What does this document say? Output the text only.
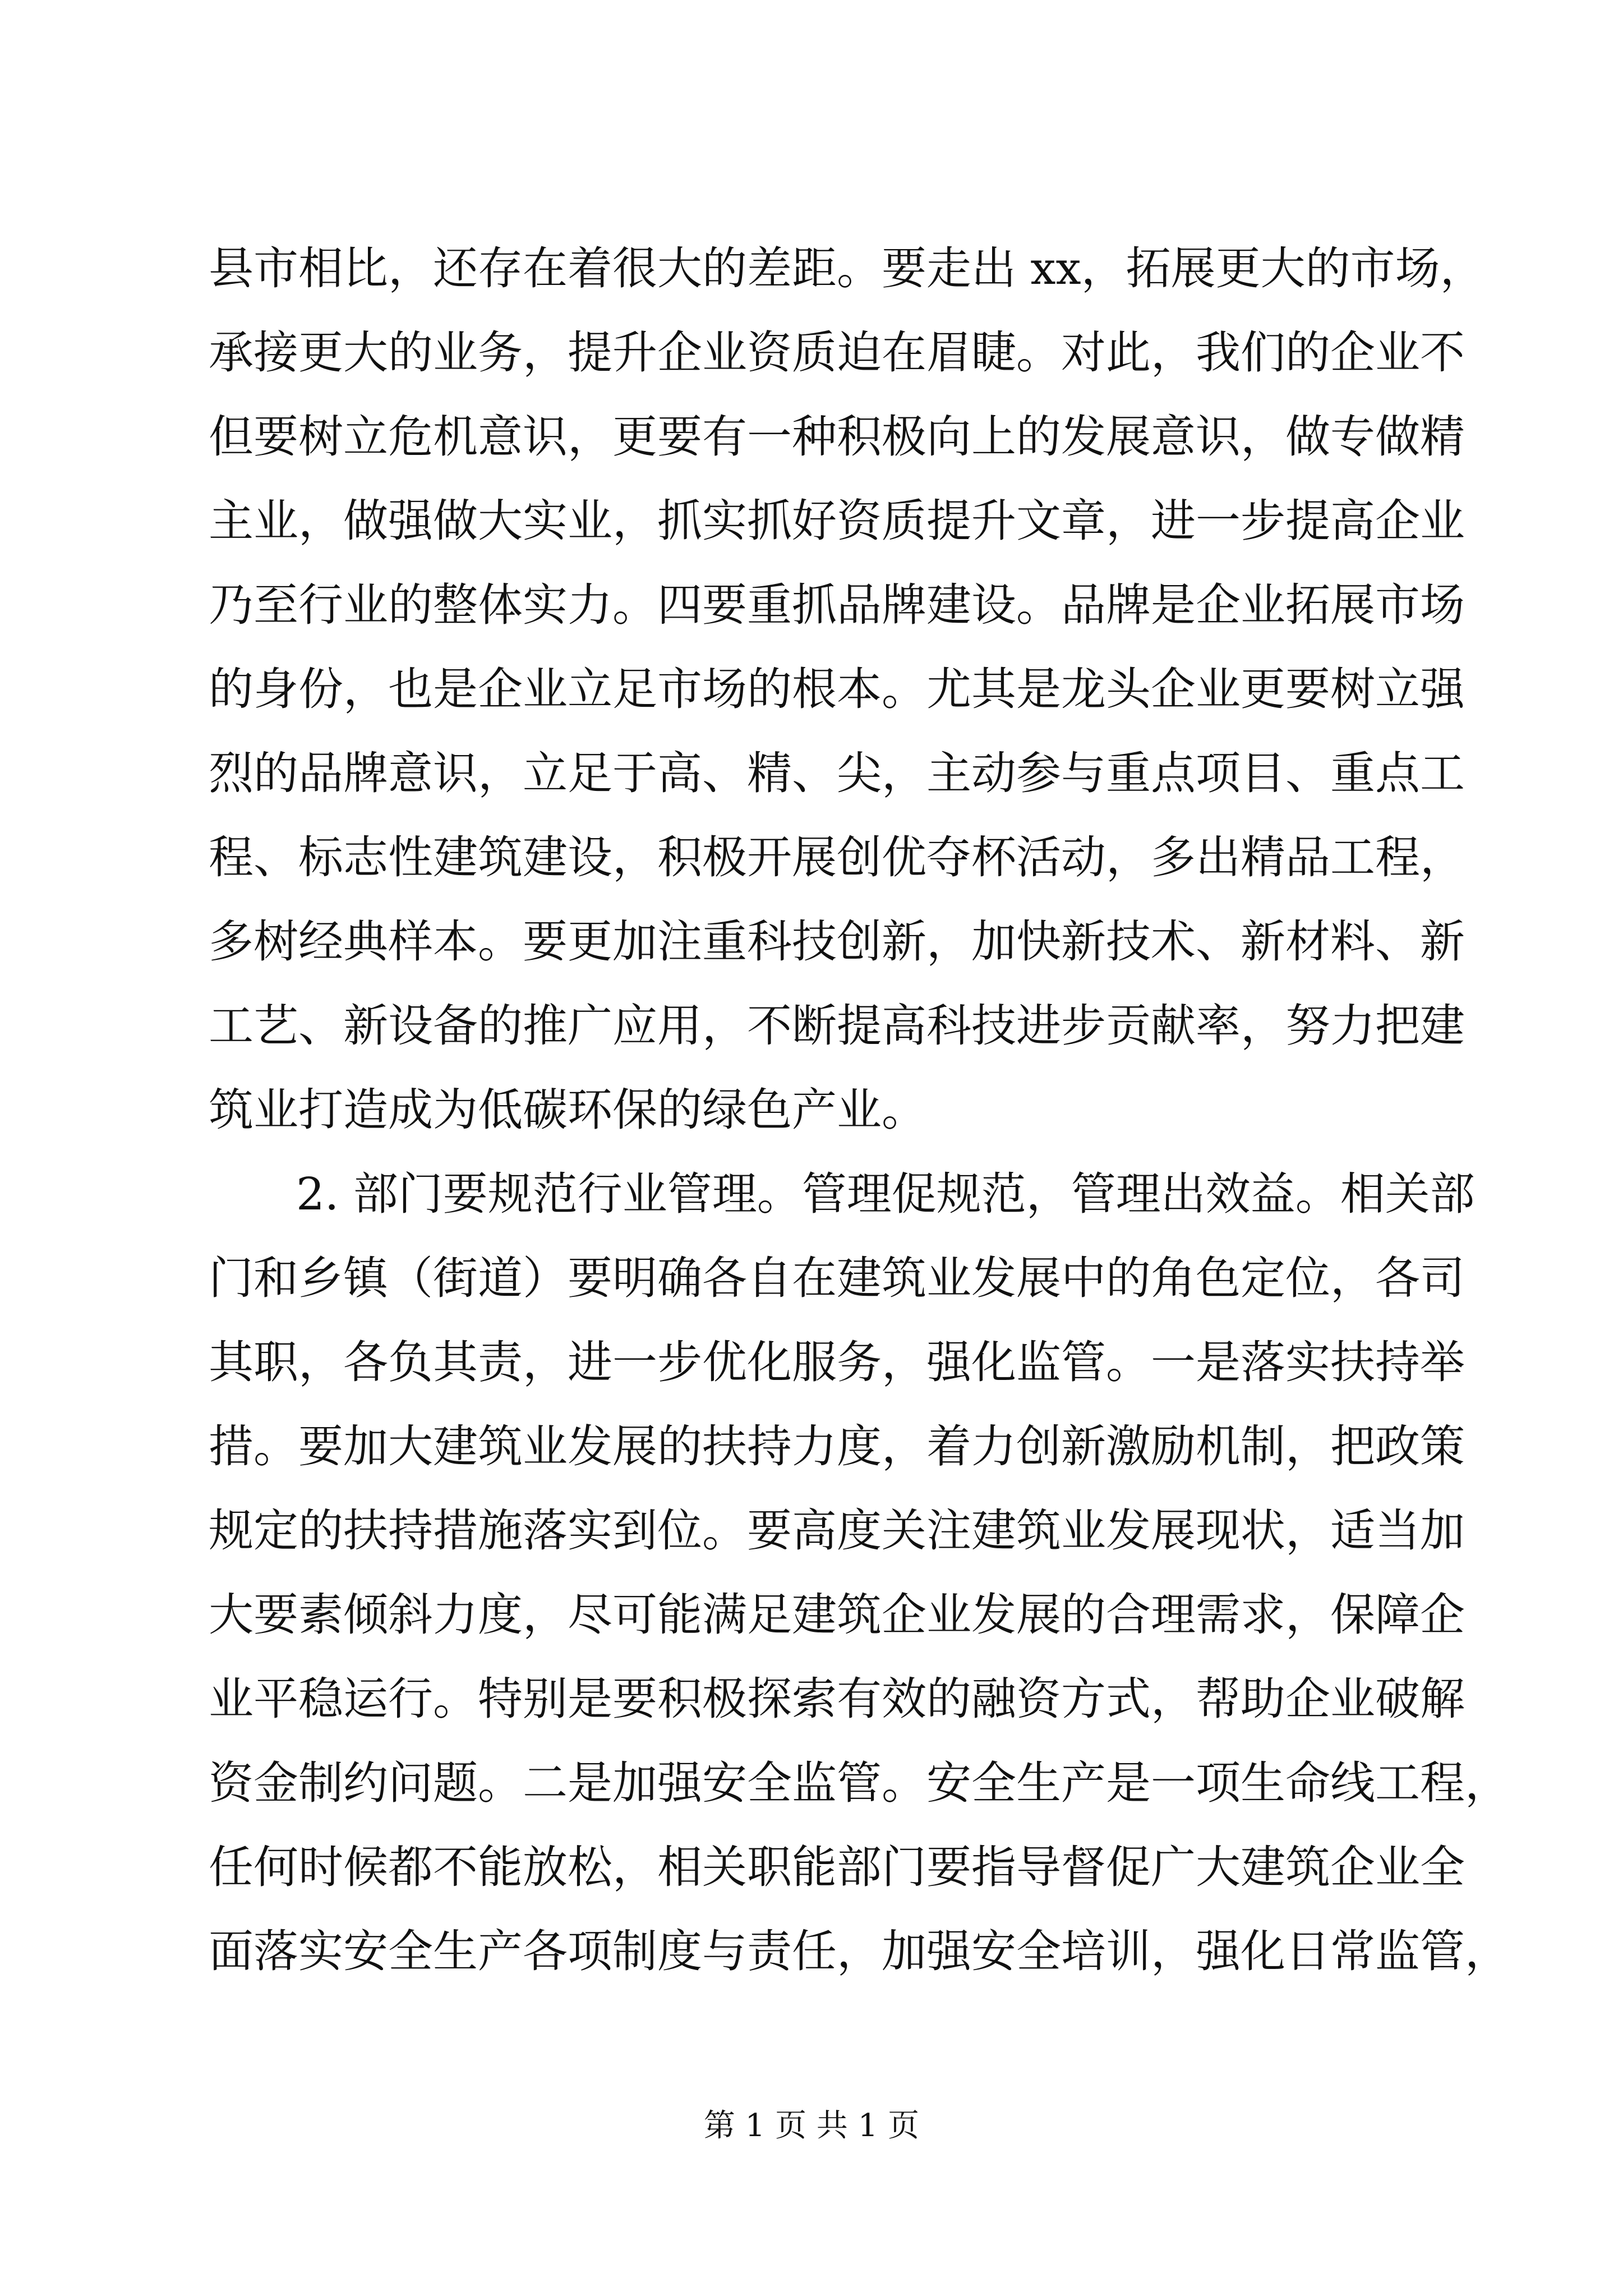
县市相比，还存在着很大的差距。要走出 xx，拓展更大的市场，
承接更大的业务，提升企业资质迫在眉睫。对此，我们的企业不
但要树立危机意识，更要有一种积极向上的发展意识，做专做精
主业，做强做大实业，抓实抓好资质提升文章，进一步提高企业
乃至行业的整体实力。四要重抓品牌建设。品牌是企业拓展市场
的身份，也是企业立足市场的根本。尤其是龙头企业更要树立强
烈的品牌意识，立足于高、精、尖，主动参与重点项目、重点工
程、标志性建筑建设，积极开展创优夺杯活动，多出精品工程，
多树经典样本。要更加注重科技创新，加快新技术、新材料、新
工艺、新设备的推广应用，不断提高科技进步贡献率，努力把建
筑业打造成为低碳环保的绿色产业。
2. 部门要规范行业管理。管理促规范，管理出效益。相关部
门和乡镇（街道）要明确各自在建筑业发展中的角色定位，各司
其职，各负其责，进一步优化服务，强化监管。一是落实扶持举
措。要加大建筑业发展的扶持力度，着力创新激励机制，把政策
规定的扶持措施落实到位。要高度关注建筑业发展现状，适当加
大要素倾斜力度，尽可能满足建筑企业发展的合理需求，保障企
业平稳运行。特别是要积极探索有效的融资方式，帮助企业破解
资金制约问题。二是加强安全监管。安全生产是一项生命线工程，
任何时候都不能放松，相关职能部门要指导督促广大建筑企业全
面落实安全生产各项制度与责任，加强安全培训，强化日常监管，
第 1 页 共 1 页
